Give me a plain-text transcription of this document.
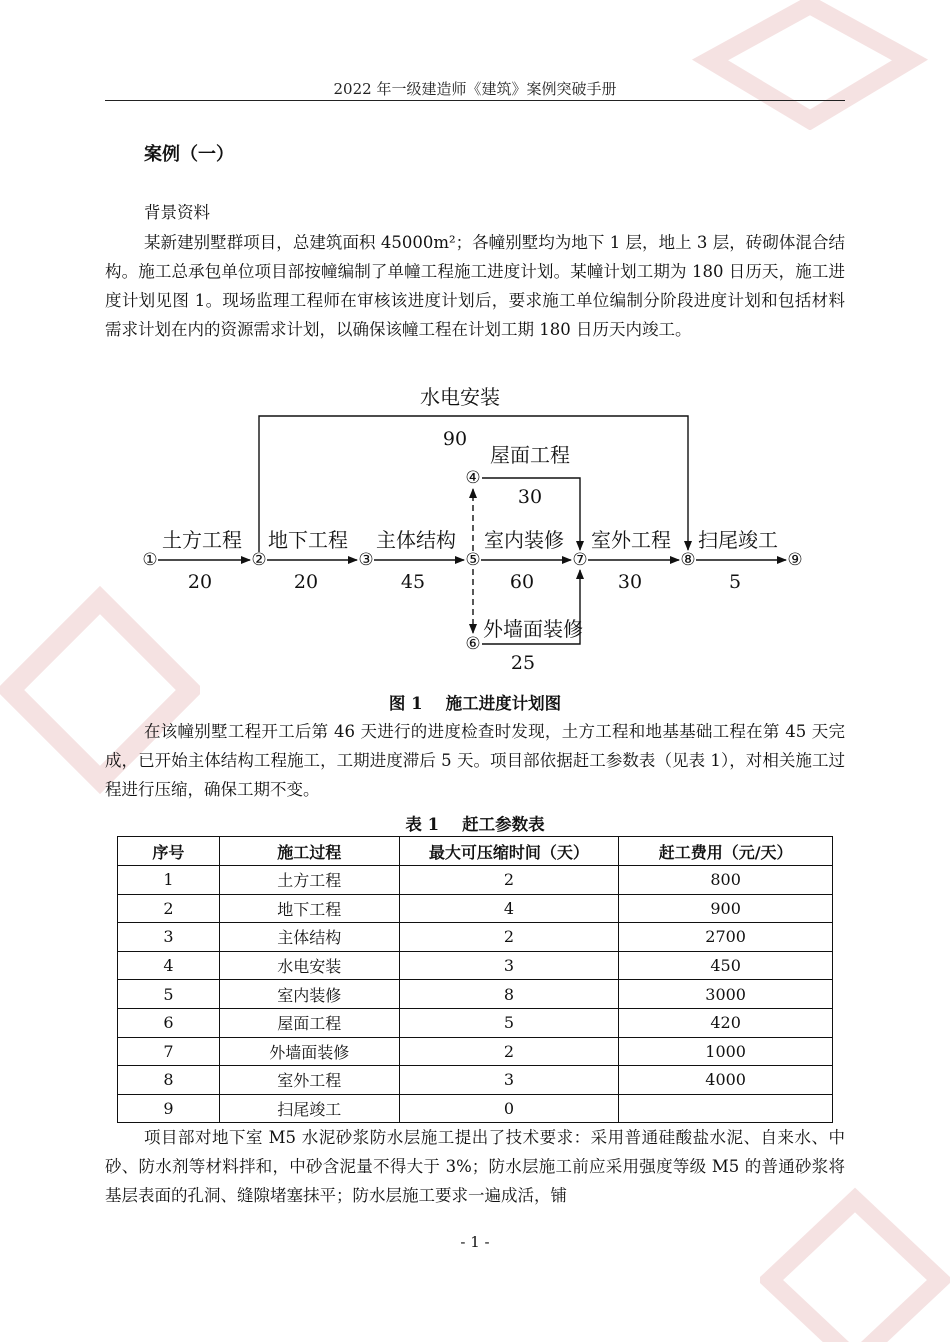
2022 年一级建造师《建筑》案例突破手册
案例（一）
背景资料

某新建别墅群项目，总建筑面积 45000m²；各幢别墅均为地下 1 层，地上 3 层，砖砌体混合结构。施工总承包单位项目部按幢编制了单幢工程施工进度计划。某幢计划工期为 180 日历天，施工进度计划见图 1。现场监理工程师在审核该进度计划后，要求施工单位编制分阶段进度计划和包括材料需求计划在内的资源需求计划，以确保该幢工程在计划工期 180 日历天内竣工。

①	②	③
④
⑤
⑥
⑦	⑧	⑨
水电安装
屋面工程
土方工程 地下工程 主体结构 室内装修 室外工程 扫尾竣工
外墙面装修
90
30
20	20	45	60	30	5
25
图 1    施工进度计划图

在该幢别墅工程开工后第 46 天进行的进度检查时发现，土方工程和地基基础工程在第 45 天完成，已开始主体结构工程施工，工期进度滞后 5 天。项目部依据赶工参数表（见表 1），对相关施工过程进行压缩，确保工期不变。

表 1    赶工参数表
序号	施工过程	最大可压缩时间（天）	赶工费用（元/天）
1	土方工程	2	800
2	地下工程	4	900
3	主体结构	2	2700
4	水电安装	3	450
5	室内装修	8	3000
6	屋面工程	5	420
7	外墙面装修	2	1000
8	室外工程	3	4000
9	扫尾竣工	0	

项目部对地下室 M5 水泥砂浆防水层施工提出了技术要求：采用普通硅酸盐水泥、自来水、中砂、防水剂等材料拌和，中砂含泥量不得大于 3%；防水层施工前应采用强度等级 M5 的普通砂浆将基层表面的孔洞、缝隙堵塞抹平；防水层施工要求一遍成活，铺

- 1 -
